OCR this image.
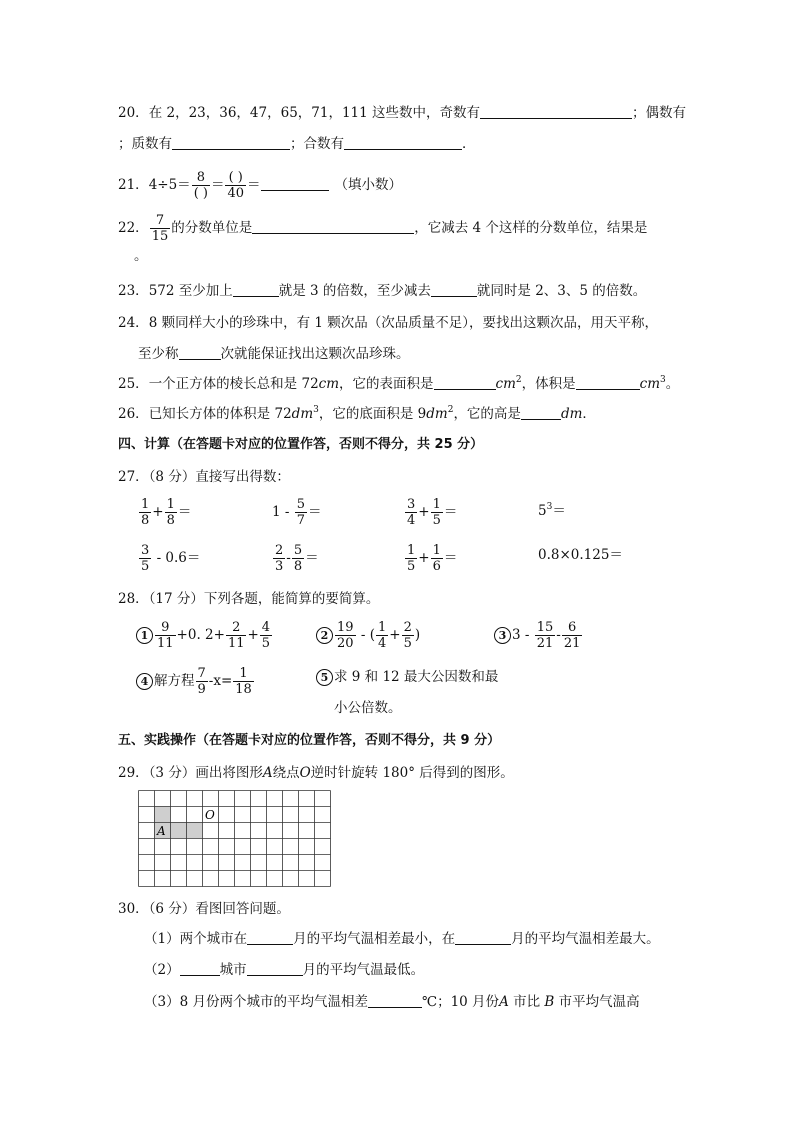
20．在 2，23，36，47，65，71，111 这些数中，奇数有	；偶数有
；质数有	；合数有	．
21．$4\div 5= \frac{8}{( )} = \frac{( )}{40}$ ＝	（填小数）
22． $\frac{7}{15}$ 的分数单位是	，它减去 4 个这样的分数单位，结果是
。
23．572 至少加上	就是 3 的倍数，至少减去	就同时是 2、3、5 的倍数。
24．8 颗同样大小的珍珠中，有 1 颗次品（次品质量不足），要找出这颗次品，用天平称，
至少称	次就能保证找出这颗次品珍珠。
25．一个正方体的棱长总和是 72cm，它的表面积是	$cm^2$，体积是	$cm^3$。
26．已知长方体的体积是 $72dm^3$，它的底面积是 $9dm^2$，它的高是	dm．
四、计算（在答题卡对应的位置作答，否则不得分，共 25 分）
27．（8 分）直接写出得数：
$\frac{1}{8} + \frac{1}{8}$ ＝	$1 - \frac{5}{7}$ ＝	$\frac{3}{4} + \frac{1}{5}$ ＝	$5^3=$
$\frac{3}{5} - 0.6=$	$\frac{2}{3} - \frac{5}{8}$ ＝	$\frac{1}{5} + \frac{1}{6}$ ＝	0.8×0.125＝
28．（17 分）下列各题，能简算的要简算。
$1 \frac{9}{11} +0$. $2+ \frac{2}{11} + \frac{4}{5}$	$2 \frac{19}{20}$ - ( $\frac{1}{4} + \frac{2}{5}$ )	3 $3 - \frac{15}{21} - \frac{6}{21}$
4 解方程 $\frac{7}{9} -x= \frac{1}{18}$	5 求 9 和 12 最大公因数和最
小公倍数。
五、实践操作（在答题卡对应的位置作答，否则不得分，共 9 分）
29．（3 分）画出将图形A绕点O逆时针旋转 180° 后得到的图形。
A
O
30．（6 分）看图回答问题。
（1）两个城市在	月的平均气温相差最小，在	月的平均气温相差最大。
（2）	城市	月的平均气温最低。
（3）8 月份两个城市的平均气温相差	℃；10 月份A 市比 B 市平均气温高
